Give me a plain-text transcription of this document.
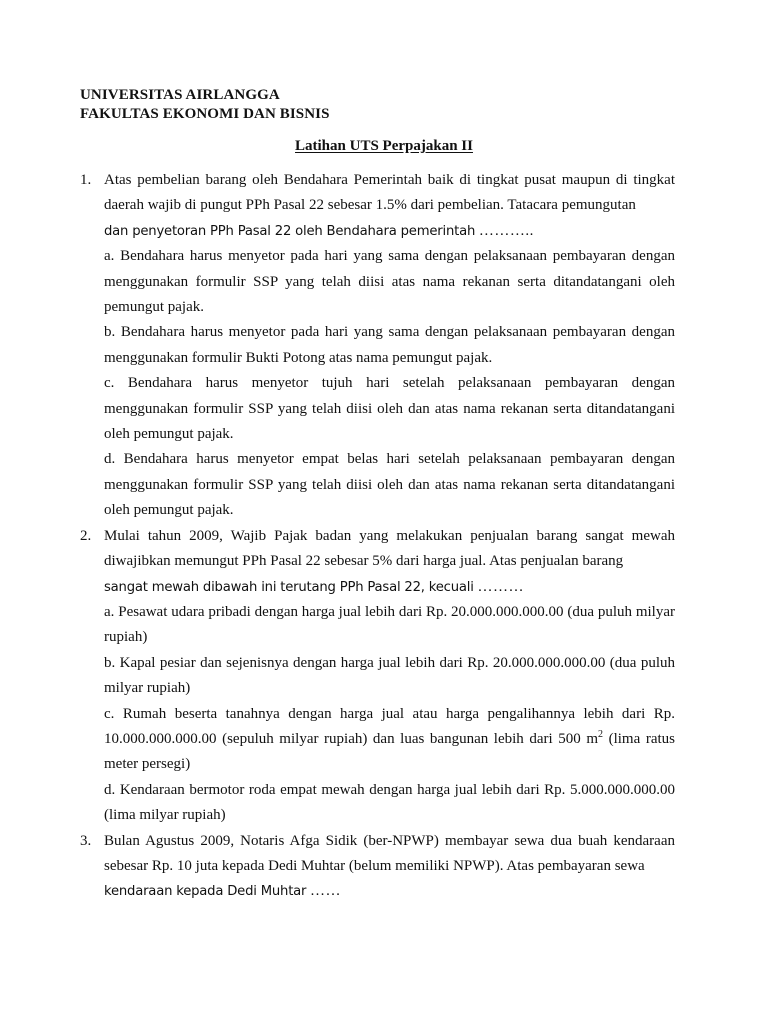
UNIVERSITAS AIRLANGGA
FAKULTAS EKONOMI DAN BISNIS
Latihan UTS Perpajakan II
1. Atas pembelian barang oleh Bendahara Pemerintah baik di tingkat pusat maupun di tingkat daerah wajib di pungut PPh Pasal 22 sebesar 1.5% dari pembelian. Tatacara pemungutan
dan penyetoran PPh Pasal 22 oleh Bendahara pemerintah ………..
a. Bendahara harus menyetor pada hari yang sama dengan pelaksanaan pembayaran dengan menggunakan formulir SSP yang telah diisi atas nama rekanan serta ditandatangani oleh pemungut pajak.
b. Bendahara harus menyetor pada hari yang sama dengan pelaksanaan pembayaran dengan menggunakan formulir Bukti Potong atas nama pemungut pajak.
c. Bendahara harus menyetor tujuh hari setelah pelaksanaan pembayaran dengan menggunakan formulir SSP yang telah diisi oleh dan atas nama rekanan serta ditandatangani oleh pemungut pajak.
d. Bendahara harus menyetor empat belas hari setelah pelaksanaan pembayaran dengan menggunakan formulir SSP yang telah diisi oleh dan atas nama rekanan serta ditandatangani oleh pemungut pajak.
2. Mulai tahun 2009, Wajib Pajak badan yang melakukan penjualan barang sangat mewah diwajibkan memungut PPh Pasal 22 sebesar 5% dari harga jual. Atas penjualan barang
sangat mewah dibawah ini terutang PPh Pasal 22, kecuali ………
a. Pesawat udara pribadi dengan harga jual lebih dari Rp. 20.000.000.000.00 (dua puluh milyar rupiah)
b. Kapal pesiar dan sejenisnya dengan harga jual lebih dari Rp. 20.000.000.000.00 (dua puluh milyar rupiah)
c. Rumah beserta tanahnya dengan harga jual atau harga pengalihannya lebih dari Rp. 10.000.000.000.00 (sepuluh milyar rupiah) dan luas bangunan lebih dari 500 $m^2$ (lima ratus meter persegi)
d. Kendaraan bermotor roda empat mewah dengan harga jual lebih dari Rp. 5.000.000.000.00 (lima milyar rupiah)
3. Bulan Agustus 2009, Notaris Afga Sidik (ber-NPWP) membayar sewa dua buah kendaraan sebesar Rp. 10 juta kepada Dedi Muhtar (belum memiliki NPWP). Atas pembayaran sewa
kendaraan kepada Dedi Muhtar ……
